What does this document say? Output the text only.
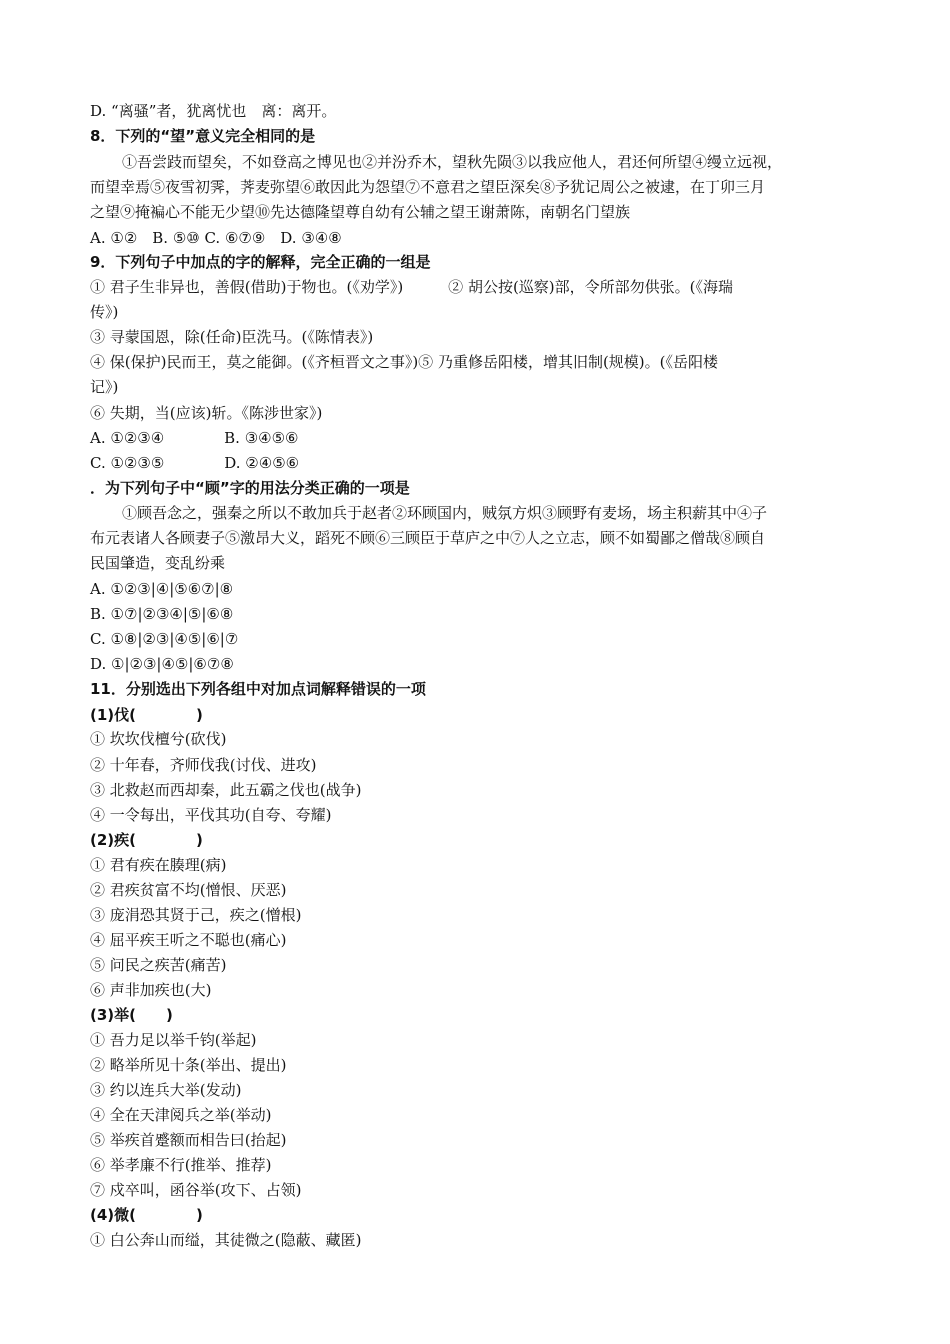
D. “离骚”者，犹离忧也　离：离开。
8．下列的“望”意义完全相同的是
①吾尝跂而望矣，不如登高之博见也②并汾乔木，望秋先陨③以我应他人，君还何所望④缦立远视，
而望幸焉⑤夜雪初霁，荠麦弥望⑥敢因此为怨望⑦不意君之望臣深矣⑧予犹记周公之被逮，在丁卯三月
之望⑨掩褊心不能无少望⑩先达德隆望尊自幼有公辅之望王谢萧陈，南朝名门望族
A. ①②　B. ⑤⑩ C. ⑥⑦⑨　D. ③④⑧
9．下列句子中加点的字的解释，完全正确的一组是
① 君子生非异也，善假(借助)于物也。(《劝学》)　　　② 胡公按(巡察)部，令所部勿供张。(《海瑞
传》)
③ 寻蒙国恩，除(任命)臣洗马。(《陈情表》)
④ 保(保护)民而王，莫之能御。(《齐桓晋文之事》)⑤ 乃重修岳阳楼，增其旧制(规模)。(《岳阳楼
记》)
⑥ 失期，当(应该)斩。《陈涉世家》)
A. ①②③④　　　　B. ③④⑤⑥
C. ①②③⑤　　　　D. ②④⑤⑥
．为下列句子中“顾”字的用法分类正确的一项是
①顾吾念之，强秦之所以不敢加兵于赵者②环顾国内，贼氛方炽③顾野有麦场，场主积薪其中④子
布元表诸人各顾妻子⑤激昂大义，蹈死不顾⑥三顾臣于草庐之中⑦人之立志，顾不如蜀鄙之僧哉⑧顾自
民国肇造，变乱纷乘
A. ①②③|④|⑤⑥⑦|⑧
B. ①⑦|②③④|⑤|⑥⑧
C. ①⑧|②③|④⑤|⑥|⑦
D. ①|②③|④⑤|⑥⑦⑧
11．分别选出下列各组中对加点词解释错误的一项
(1)伐(　　　　)
① 坎坎伐檀兮(砍伐)
② 十年春，齐师伐我(讨伐、进攻)
③ 北救赵而西却秦，此五霸之伐也(战争)
④ 一令每出，平伐其功(自夸、夸耀)
(2)疾(　　　　)
① 君有疾在腠理(病)
② 君疾贫富不均(憎恨、厌恶)
③ 庞涓恐其贤于己，疾之(憎根)
④ 屈平疾王听之不聪也(痛心)
⑤ 问民之疾苦(痛苦)
⑥ 声非加疾也(大)
(3)举(　　)
① 吾力足以举千钧(举起)
② 略举所见十条(举出、提出)
③ 约以连兵大举(发动)
④ 全在天津阅兵之举(举动)
⑤ 举疾首蹙额而相告曰(抬起)
⑥ 举孝廉不行(推举、推荐)
⑦ 戍卒叫，函谷举(攻下、占领)
(4)微(　　　　)
① 白公奔山而缢，其徒微之(隐蔽、藏匿)
